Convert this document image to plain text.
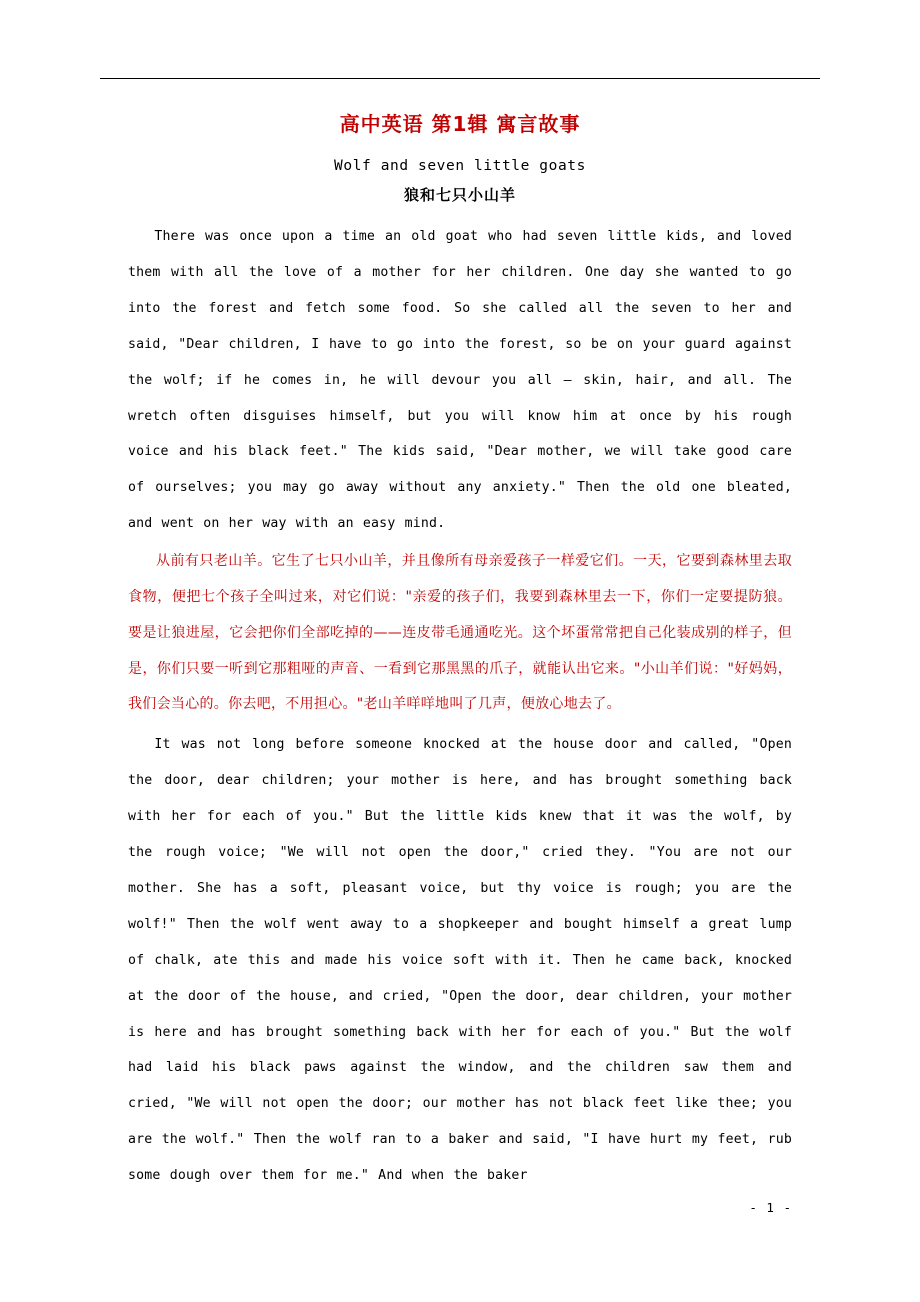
高中英语 第1辑 寓言故事
Wolf and seven little goats
狼和七只小山羊

There was once upon a time an old goat who had seven little kids, and loved them with all the love of a mother for her children. One day she wanted to go into the forest and fetch some food. So she called all the seven to her and said, "Dear children, I have to go into the forest, so be on your guard against the wolf; if he comes in, he will devour you all — skin, hair, and all. The wretch often disguises himself, but you will know him at once by his rough voice and his black feet." The kids said, "Dear mother, we will take good care of ourselves; you may go away without any anxiety." Then the old one bleated, and went on her way with an easy mind.

从前有只老山羊。它生了七只小山羊，并且像所有母亲爱孩子一样爱它们。一天，它要到森林里去取食物，便把七个孩子全叫过来，对它们说："亲爱的孩子们，我要到森林里去一下，你们一定要提防狼。要是让狼进屋，它会把你们全部吃掉的——连皮带毛通通吃光。这个坏蛋常常把自己化装成别的样子，但是，你们只要一听到它那粗哑的声音、一看到它那黑黑的爪子，就能认出它来。"小山羊们说："好妈妈，我们会当心的。你去吧，不用担心。"老山羊咩咩地叫了几声，便放心地去了。

It was not long before someone knocked at the house door and called, "Open the door, dear children; your mother is here, and has brought something back with her for each of you." But the little kids knew that it was the wolf, by the rough voice; "We will not open the door," cried they. "You are not our mother. She has a soft, pleasant voice, but thy voice is rough; you are the wolf!" Then the wolf went away to a shopkeeper and bought himself a great lump of chalk, ate this and made his voice soft with it. Then he came back, knocked at the door of the house, and cried, "Open the door, dear children, your mother is here and has brought something back with her for each of you." But the wolf had laid his black paws against the window, and the children saw them and cried, "We will not open the door; our mother has not black feet like thee; you are the wolf." Then the wolf ran to a baker and said, "I have hurt my feet, rub some dough over them for me." And when the baker

- 1 -
